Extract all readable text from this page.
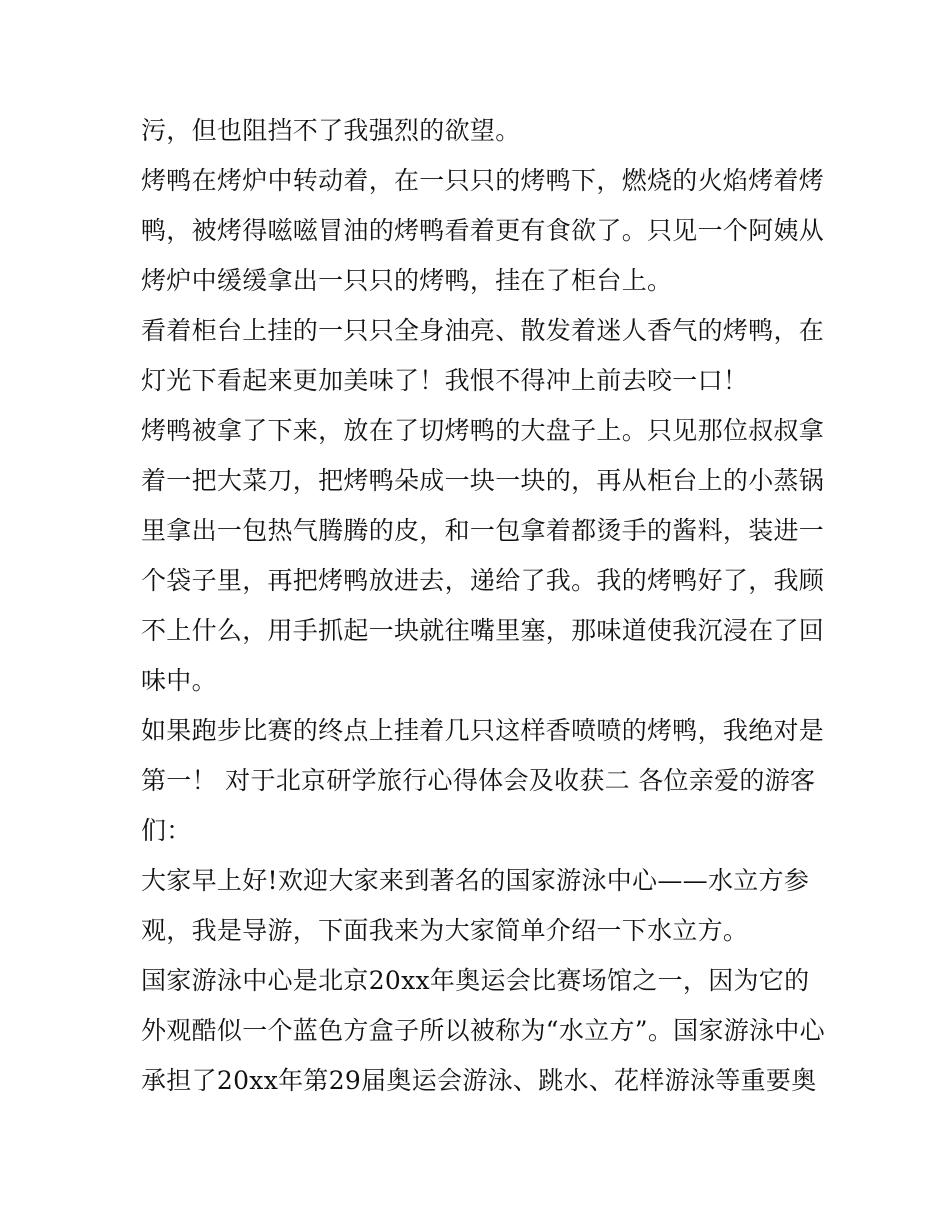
污，但也阻挡不了我强烈的欲望。

烤鸭在烤炉中转动着，在一只只的烤鸭下，燃烧的火焰烤着烤

鸭，被烤得嗞嗞冒油的烤鸭看着更有食欲了。只见一个阿姨从

烤炉中缓缓拿出一只只的烤鸭，挂在了柜台上。

看着柜台上挂的一只只全身油亮、散发着迷人香气的烤鸭，在

灯光下看起来更加美味了！我恨不得冲上前去咬一口！

烤鸭被拿了下来，放在了切烤鸭的大盘子上。只见那位叔叔拿

着一把大菜刀，把烤鸭朵成一块一块的，再从柜台上的小蒸锅

里拿出一包热气腾腾的皮，和一包拿着都烫手的酱料，装进一

个袋子里，再把烤鸭放进去，递给了我。我的烤鸭好了，我顾

不上什么，用手抓起一块就往嘴里塞，那味道使我沉浸在了回

味中。

如果跑步比赛的终点上挂着几只这样香喷喷的烤鸭，我绝对是

第一！ 对于北京研学旅行心得体会及收获二 各位亲爱的游客

们：

大家早上好!欢迎大家来到著名的国家游泳中心——水立方参

观，我是导游，下面我来为大家简单介绍一下水立方。

国家游泳中心是北京20xx年奥运会比赛场馆之一，因为它的

外观酷似一个蓝色方盒子所以被称为“水立方”。国家游泳中心

承担了20xx年第29届奥运会游泳、跳水、花样游泳等重要奥
